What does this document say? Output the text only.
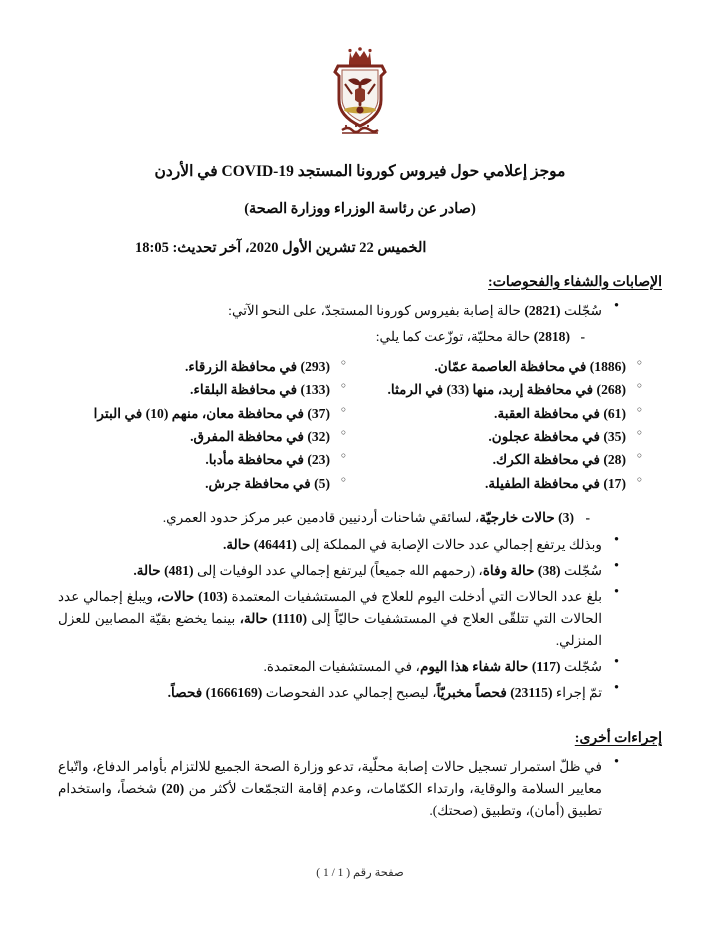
موجز إعلامي حول فيروس كورونا المستجد COVID-19 في الأردن
(صادر عن رئاسة الوزراء ووزارة الصحة)
الخميس 22 تشرين الأول 2020، آخر تحديث: 18:05
الإصابات والشفاء والفحوصات:
● سُجّلت (2821) حالة إصابة بفيروس كورونا المستجدّ، على النحو الآتي:
- (2818) حالة محليّة، توزّعت كما يلي:
○ (1886) في محافظة العاصمة عمّان.
○ (268) في محافظة إربد، منها (33) في الرمثا.
○ (61) في محافظة العقبة.
○ (35) في محافظة عجلون.
○ (28) في محافظة الكرك.
○ (17) في محافظة الطفيلة.
○ (293) في محافظة الزرقاء.
○ (133) في محافظة البلقاء.
○ (37) في محافظة معان، منهم (10) في البترا
○ (32) في محافظة المفرق.
○ (23) في محافظة مأدبا.
○ (5) في محافظة جرش.
- (3) حالات خارجيّة، لسائقي شاحنات أردنيين قادمين عبر مركز حدود العمري.
● وبذلك يرتفع إجمالي عدد حالات الإصابة في المملكة إلى (46441) حالة.
● سُجّلت (38) حالة وفاة، (رحمهم الله جميعاً) ليرتفع إجمالي عدد الوفيات إلى (481) حالة.
● بلغ عدد الحالات التي أدخلت اليوم للعلاج في المستشفيات المعتمدة (103) حالات، ويبلغ إجمالي عدد الحالات التي تتلقّى العلاج في المستشفيات حاليّاً إلى (1110) حالة، بينما يخضع بقيّة المصابين للعزل المنزلي.
● سُجّلت (117) حالة شفاء هذا اليوم، في المستشفيات المعتمدة.
● تمّ إجراء (23115) فحصاً مخبريّاً، ليصبح إجمالي عدد الفحوصات (1666169) فحصاً.
إجراءات أخرى:
● في ظلّ استمرار تسجيل حالات إصابة محلّية، تدعو وزارة الصحة الجميع للالتزام بأوامر الدفاع، واتّباع معايير السلامة والوقاية، وارتداء الكمّامات، وعدم إقامة التجمّعات لأكثر من (20) شخصاً، واستخدام تطبيق (أمان)، وتطبيق (صحتك).
صفحة رقم ( 1 / 1 )
